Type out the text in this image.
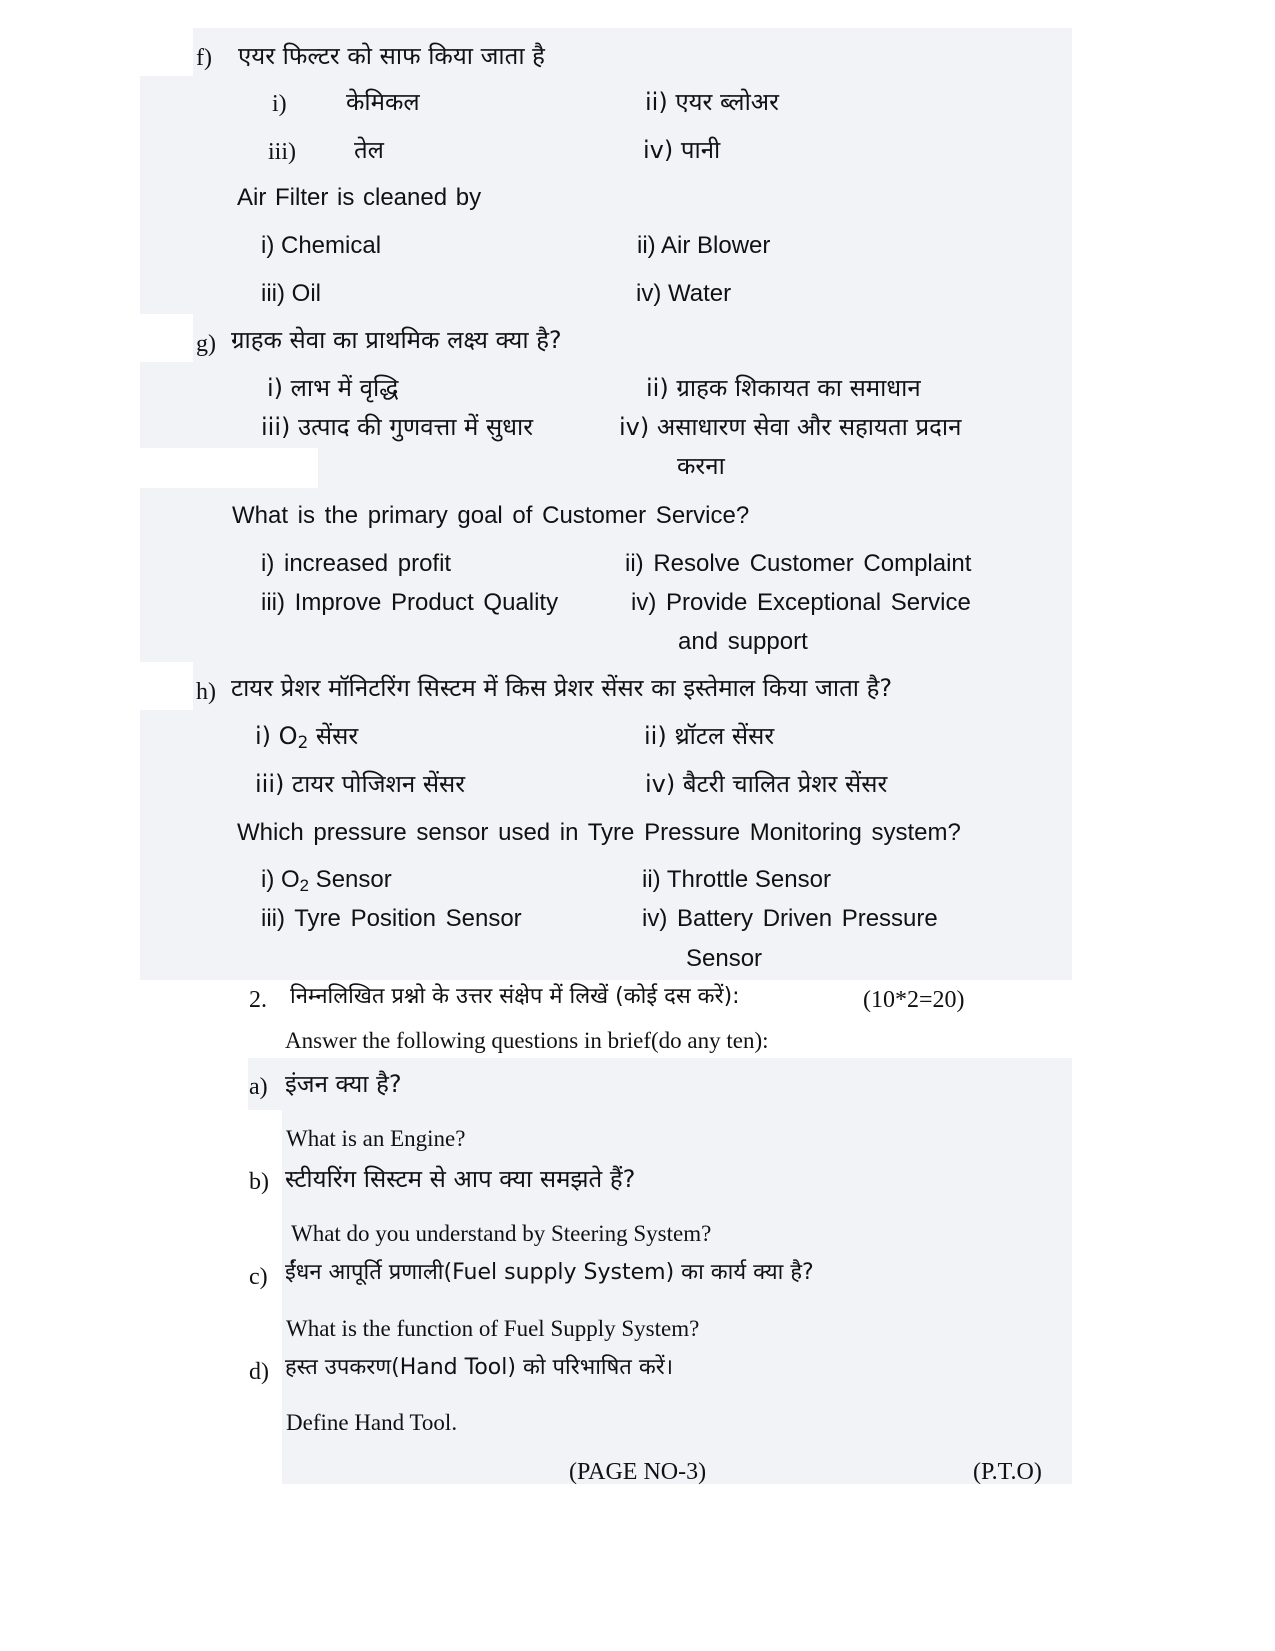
f) एयर फिल्टर को साफ किया जाता है
i) केमिकल	ii) एयर ब्लोअर
iii) तेल	iv) पानी
Air Filter is cleaned by
i) Chemical	ii) Air Blower
iii) Oil	iv) Water
g) ग्राहक सेवा का प्राथमिक लक्ष्य क्या है?
i) लाभ में वृद्धि	ii) ग्राहक शिकायत का समाधान
iii) उत्पाद की गुणवत्ता में सुधार	iv) असाधारण सेवा और सहायता प्रदान
करना
What is the primary goal of Customer Service?
i) increased profit	ii) Resolve Customer Complaint
iii) Improve Product Quality	iv) Provide Exceptional Service
and support
h) टायर प्रेशर मॉनिटरिंग सिस्टम में किस प्रेशर सेंसर का इस्तेमाल किया जाता है?
i) $O_2$ सेंसर	ii) थ्रॉटल सेंसर
iii) टायर पोजिशन सेंसर	iv) बैटरी चालित प्रेशर सेंसर
Which pressure sensor used in Tyre Pressure Monitoring system?
i) $O_2$ Sensor	ii) Throttle Sensor
iii) Tyre Position Sensor	iv) Battery Driven Pressure
Sensor
2. निम्नलिखित प्रश्नो के उत्तर संक्षेप में लिखें (कोई दस करें):	(10*2=20)
Answer the following questions in brief(do any ten):
a) इंजन क्या है?
What is an Engine?
b) स्टीयरिंग सिस्टम से आप क्या समझते हैं?
What do you understand by Steering System?
c) ईंधन आपूर्ति प्रणाली(Fuel supply System) का कार्य क्या है?
What is the function of Fuel Supply System?
d) हस्त उपकरण(Hand Tool) को परिभाषित करें।
Define Hand Tool.
(PAGE NO-3)	(P.T.O)
